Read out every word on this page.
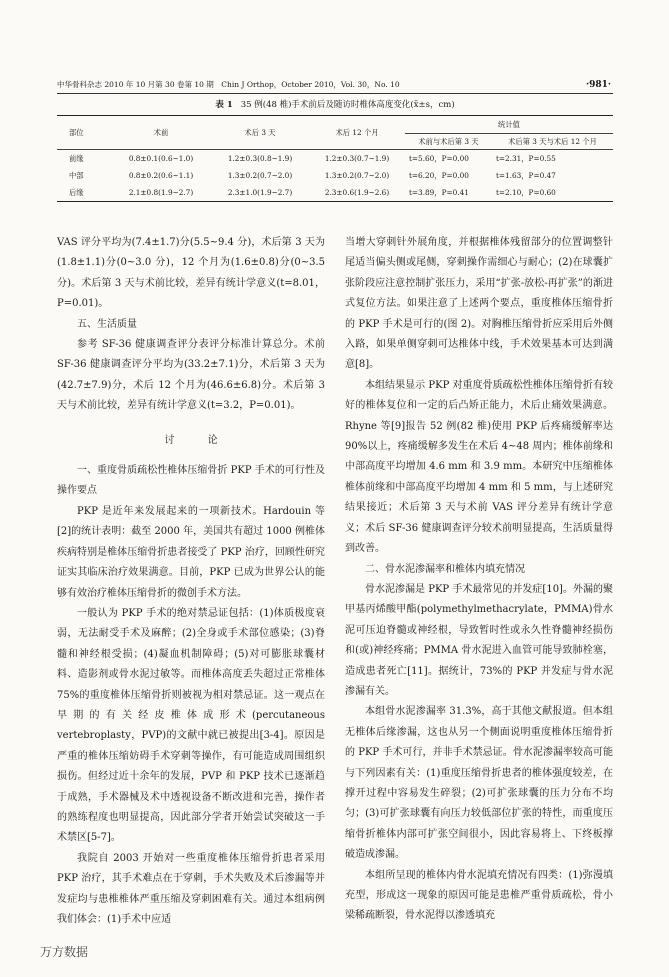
中华骨科杂志 2010 年 10 月第 30 卷第 10 期　Chin J Orthop，October 2010，Vol. 30，No. 10	·981·
表 1 35 例(48 椎)手术前后及随访时椎体高度变化(x̄±s，cm)
部位	术前	术后 3 天	术后 12 个月	统计值	
				术前与术后第 3 天	术后第 3 天与术后 12 个月
前缘	0.8±0.1(0.6~1.0)	1.2±0.3(0.8~1.9)	1.2±0.3(0.7~1.9)	t=5.60，P=0.00	t=2.31，P=0.55
中部	0.8±0.2(0.6~1.1)	1.3±0.2(0.7~2.0)	1.3±0.2(0.7~2.0)	t=6.20，P=0.00	t=1.63，P=0.47
后缘	2.1±0.8(1.9~2.7)	2.3±1.0(1.9~2.7)	2.3±0.6(1.9~2.6)	t=3.89，P=0.41	t=2.10，P=0.60

VAS 评分平均为(7.4±1.7)分(5.5~9.4 分)，术后第 3 天为(1.8±1.1)分(0~3.0 分)，12 个月为(1.6±0.8)分(0~3.5 分)。术后第 3 天与术前比较，差异有统计学意义(t=8.01，P=0.01)。

五、生活质量

参考 SF-36 健康调查评分表评分标准计算总分。术前 SF-36 健康调查评分平均为(33.2±7.1)分，术后第 3 天为(42.7±7.9)分，术后 12 个月为(46.6±6.8)分。术后第 3 天与术前比较，差异有统计学意义(t=3.2，P=0.01)。

讨 论

一、重度骨质疏松性椎体压缩骨折 PKP 手术的可行性及操作要点

PKP 是近年来发展起来的一项新技术。Hardouin 等[2]的统计表明：截至 2000 年，美国共有超过 1000 例椎体疾病特别是椎体压缩骨折患者接受了 PKP 治疗，回顾性研究证实其临床治疗效果满意。目前，PKP 已成为世界公认的能够有效治疗椎体压缩骨折的微创手术方法。

一般认为 PKP 手术的绝对禁忌证包括：(1)体质极度衰弱，无法耐受手术及麻醉；(2)全身或手术部位感染；(3)脊髓和神经根受损；(4)凝血机制障碍；(5)对可膨胀球囊材料、造影剂或骨水泥过敏等。而椎体高度丢失超过正常椎体 75%的重度椎体压缩骨折则被视为相对禁忌证。这一观点在早期的有关经皮椎体成形术(percutaneous vertebroplasty，PVP)的文献中就已被提出[3-4]。原因是严重的椎体压缩妨碍手术穿刺等操作，有可能造成周围组织损伤。但经过近十余年的发展，PVP 和 PKP 技术已逐渐趋于成熟，手术器械及术中透视设备不断改进和完善，操作者的熟练程度也明显提高，因此部分学者开始尝试突破这一手术禁区[5-7]。

我院自 2003 开始对一些重度椎体压缩骨折患者采用 PKP 治疗，其手术难点在于穿刺，手术失败及术后渗漏等并发症均与患椎椎体严重压缩及穿刺困难有关。通过本组病例我们体会：(1)手术中应适

当增大穿刺针外展角度，并根据椎体残留部分的位置调整针尾适当偏头侧或尾侧，穿刺操作需细心与耐心；(2)在球囊扩张阶段应注意控制扩张压力，采用“扩张-放松-再扩张”的渐进式复位方法。如果注意了上述两个要点，重度椎体压缩骨折的 PKP 手术是可行的(图 2)。对胸椎压缩骨折应采用后外侧入路，如果单侧穿刺可达椎体中线，手术效果基本可达到满意[8]。

本组结果显示 PKP 对重度骨质疏松性椎体压缩骨折有较好的椎体复位和一定的后凸矫正能力，术后止痛效果满意。Rhyne 等[9]报告 52 例(82 椎)使用 PKP 后疼痛缓解率达 90%以上，疼痛缓解多发生在术后 4~48 周内；椎体前缘和中部高度平均增加 4.6 mm 和 3.9 mm。本研究中压缩椎体椎体前缘和中部高度平均增加 4 mm 和 5 mm，与上述研究结果接近；术后第 3 天与术前 VAS 评分差异有统计学意义；术后 SF-36 健康调查评分较术前明显提高，生活质量得到改善。

二、骨水泥渗漏率和椎体内填充情况

骨水泥渗漏是 PKP 手术最常见的并发症[10]。外漏的聚甲基丙烯酸甲酯(polymethylmethacrylate，PMMA)骨水泥可压迫脊髓或神经根，导致暂时性或永久性脊髓神经损伤和(或)神经疼痛；PMMA 骨水泥进入血管可能导致肺栓塞，造成患者死亡[11]。据统计，73%的 PKP 并发症与骨水泥渗漏有关。

本组骨水泥渗漏率 31.3%，高于其他文献报道。但本组无椎体后缘渗漏，这也从另一个侧面说明重度椎体压缩骨折的 PKP 手术可行，并非手术禁忌证。骨水泥渗漏率较高可能与下列因素有关：(1)重度压缩骨折患者的椎体强度较差，在撑开过程中容易发生碎裂；(2)可扩张球囊的压力分布不均匀；(3)可扩张球囊有向压力较低部位扩张的特性，而重度压缩骨折椎体内部可扩张空间很小，因此容易将上、下终板撑破造成渗漏。

本组所呈现的椎体内骨水泥填充情况有四类：(1)弥漫填充型，形成这一现象的原因可能是患椎严重骨质疏松，骨小梁稀疏断裂，骨水泥得以渗透填充

万方数据
